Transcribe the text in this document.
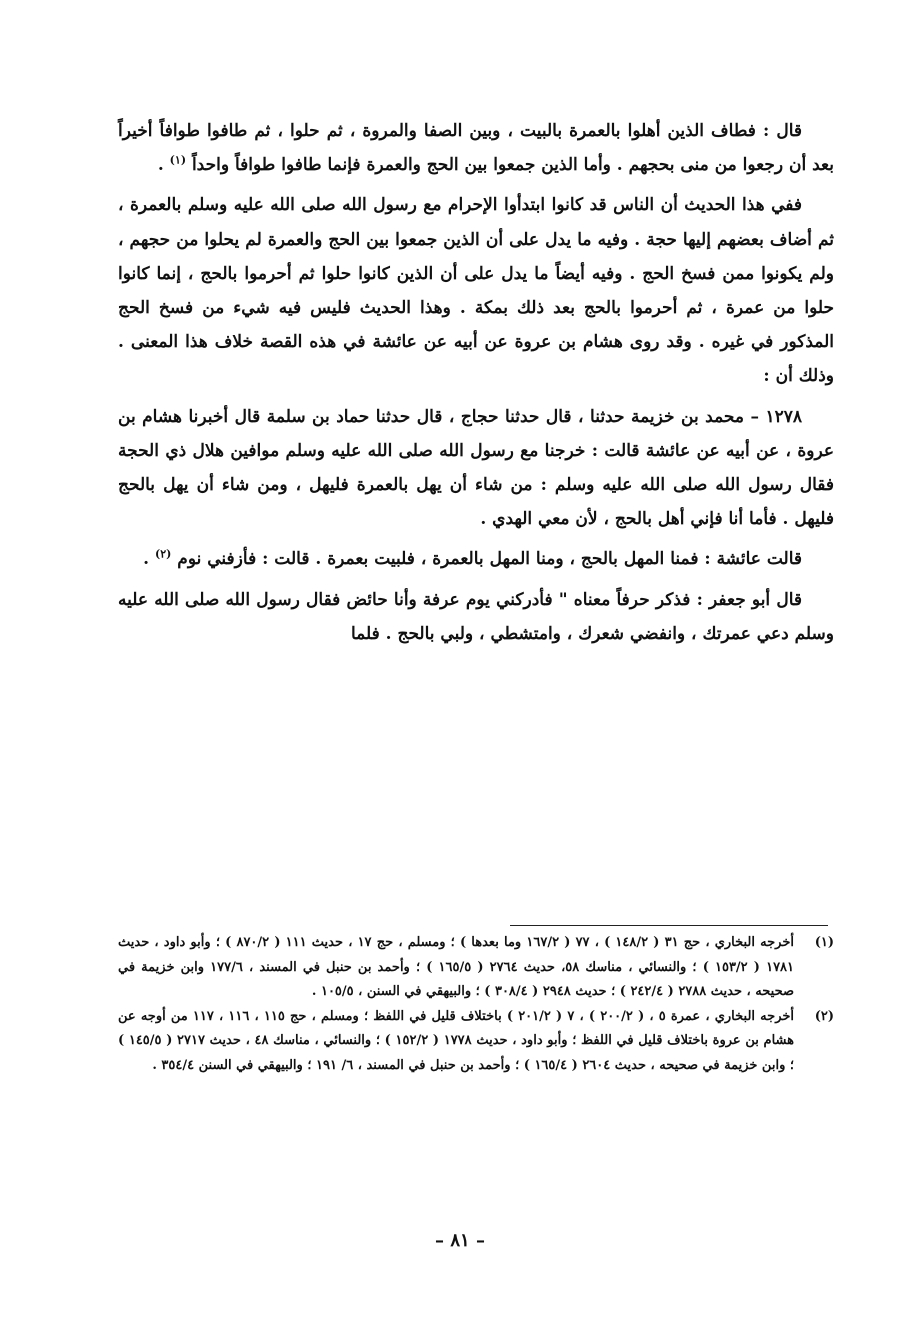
قال : فطاف الذين أهلوا بالعمرة بالبيت ، وبين الصفا والمروة ، ثم حلوا ، ثم طافوا طوافاً أخيراً بعد أن رجعوا من منى بحجهم . وأما الذين جمعوا بين الحج والعمرة فإنما طافوا طوافاً واحداً $^{(١)}$ .

ففي هذا الحديث أن الناس قد كانوا ابتدأوا الإحرام مع رسول الله صلى الله عليه وسلم بالعمرة ، ثم أضاف بعضهم إليها حجة . وفيه ما يدل على أن الذين جمعوا بين الحج والعمرة لم يحلوا من حجهم ، ولم يكونوا ممن فسخ الحج . وفيه أيضاً ما يدل على أن الذين كانوا حلوا ثم أحرموا بالحج ، إنما كانوا حلوا من عمرة ، ثم أحرموا بالحج بعد ذلك بمكة . وهذا الحديث فليس فيه شيء من فسخ الحج المذكور في غيره . وقد روى هشام بن عروة عن أبيه عن عائشة في هذه القصة خلاف هذا المعنى . وذلك أن :

١٢٧٨ – محمد بن خزيمة حدثنا ، قال حدثنا حجاج ، قال حدثنا حماد بن سلمة قال أخبرنا هشام بن عروة ، عن أبيه عن عائشة قالت : خرجنا مع رسول الله صلى الله عليه وسلم موافين هلال ذي الحجة فقال رسول الله صلى الله عليه وسلم : من شاء أن يهل بالعمرة فليهل ، ومن شاء أن يهل بالحج فليهل . فأما أنا فإني أهل بالحج ، لأن معي الهدي .

قالت عائشة : فمنا المهل بالحج ، ومنا المهل بالعمرة ، فلبيت بعمرة . قالت : فأزفني نوم $^{(٢)}$ .

قال أبو جعفر : فذكر حرفاً معناه " فأدركني يوم عرفة وأنا حائض فقال رسول الله صلى الله عليه وسلم دعي عمرتك ، وانفضي شعرك ، وامتشطي ، ولبي بالحج . فلما

(١)
أخرجه البخاري ، حج ٣١ ( ١٤٨/٢ ) ، ٧٧ ( ١٦٧/٢ وما بعدها ) ؛ ومسلم ، حج ١٧ ، حديث ١١١ ( ٨٧٠/٢ ) ؛ وأبو داود ، حديث ١٧٨١ ( ١٥٣/٢ ) ؛ والنسائي ، مناسك ٥٨، حديث ٢٧٦٤ ( ١٦٥/٥ ) ؛ وأحمد بن حنبل في المسند ، ١٧٧/٦ وابن خزيمة في صحيحه ، حديث ٢٧٨٨ ( ٢٤٢/٤ ) ؛ حديث ٢٩٤٨ ( ٣٠٨/٤ ) ؛ والبيهقي في السنن ، ١٠٥/٥ .
(٢)
أخرجه البخاري ، عمرة ٥ ، ( ٢٠٠/٢ ) ، ٧ ( ٢٠١/٢ ) باختلاف قليل في اللفظ ؛ ومسلم ، حج ١١٥ ، ١١٦ ، ١١٧ من أوجه عن هشام بن عروة باختلاف قليل في اللفظ ؛ وأبو داود ، حديث ١٧٧٨ ( ١٥٢/٢ ) ؛ والنسائي ، مناسك ٤٨ ، حديث ٢٧١٧ ( ١٤٥/٥ ) ؛ وابن خزيمة في صحيحه ، حديث ٢٦٠٤ ( ١٦٥/٤ ) ؛ وأحمد بن حنبل في المسند ، ٦/ ١٩١ ؛ والبيهقي في السنن ٣٥٤/٤ .
– ٨١ –
